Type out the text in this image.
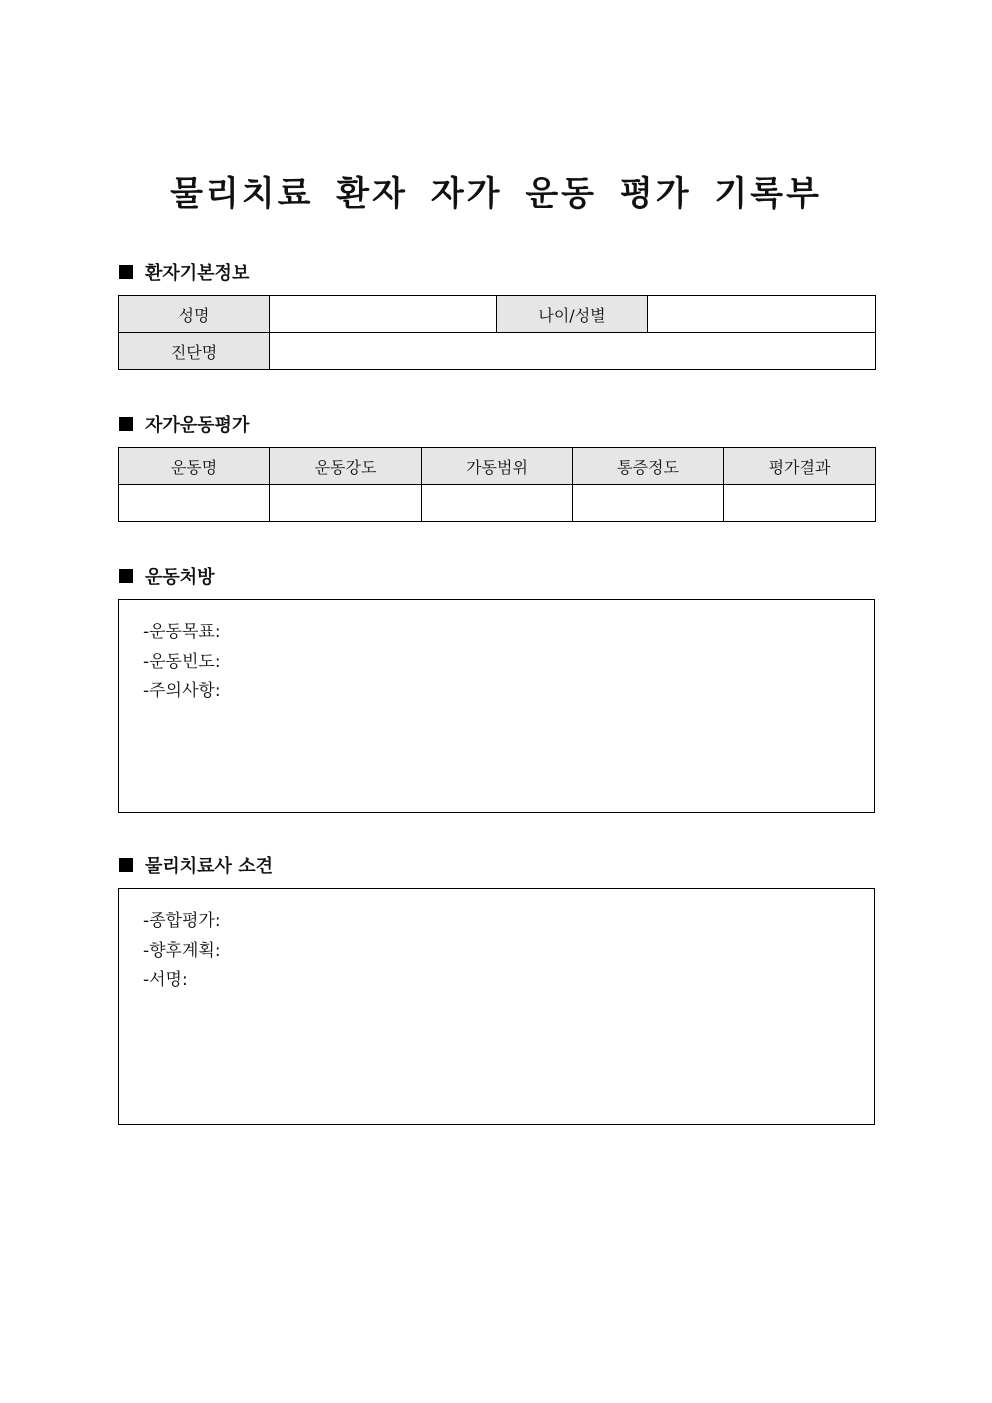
물리치료 환자 자가 운동 평가 기록부
환자기본정보
성명		나이/성별	
진단명			
자가운동평가
운동명	운동강도	가동범위	통증정도	평가결과

운동처방
-운동목표:
-운동빈도:
-주의사항:
물리치료사 소견
-종합평가:
-향후계획:
-서명:
